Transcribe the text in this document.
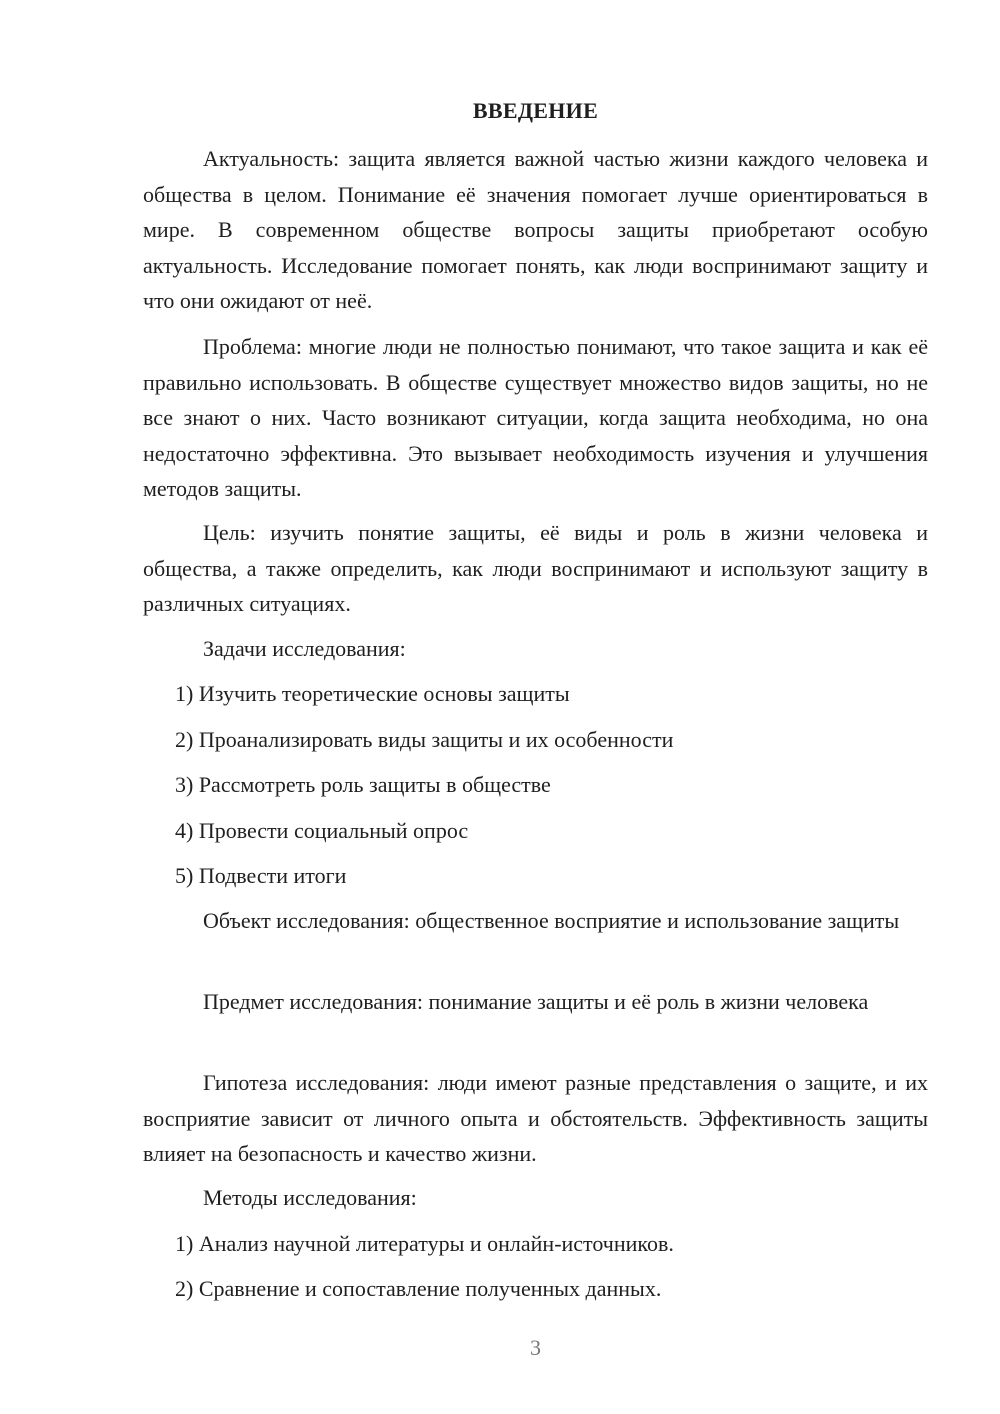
ВВЕДЕНИЕ

Актуальность: защита является важной частью жизни каждого человека и общества в целом. Понимание её значения помогает лучше ориентироваться в мире. В современном обществе вопросы защиты приобретают особую актуальность. Исследование помогает понять, как люди воспринимают защиту и что они ожидают от неё.

Проблема: многие люди не полностью понимают, что такое защита и как её правильно использовать. В обществе существует множество видов защиты, но не все знают о них. Часто возникают ситуации, когда защита необходима, но она недостаточно эффективна. Это вызывает необходимость изучения и улучшения методов защиты.

Цель: изучить понятие защиты, её виды и роль в жизни человека и общества, а также определить, как люди воспринимают и используют защиту в различных ситуациях.

Задачи исследования:
1) Изучить теоретические основы защиты
2) Проанализировать виды защиты и их особенности
3) Рассмотреть роль защиты в обществе
4) Провести социальный опрос
5) Подвести итоги

Объект исследования: общественное восприятие и использование защиты

Предмет исследования: понимание защиты и её роль в жизни человека

Гипотеза исследования: люди имеют разные представления о защите, и их восприятие зависит от личного опыта и обстоятельств. Эффективность защиты влияет на безопасность и качество жизни.

Методы исследования:
1) Анализ научной литературы и онлайн-источников.
2) Сравнение и сопоставление полученных данных.
3
